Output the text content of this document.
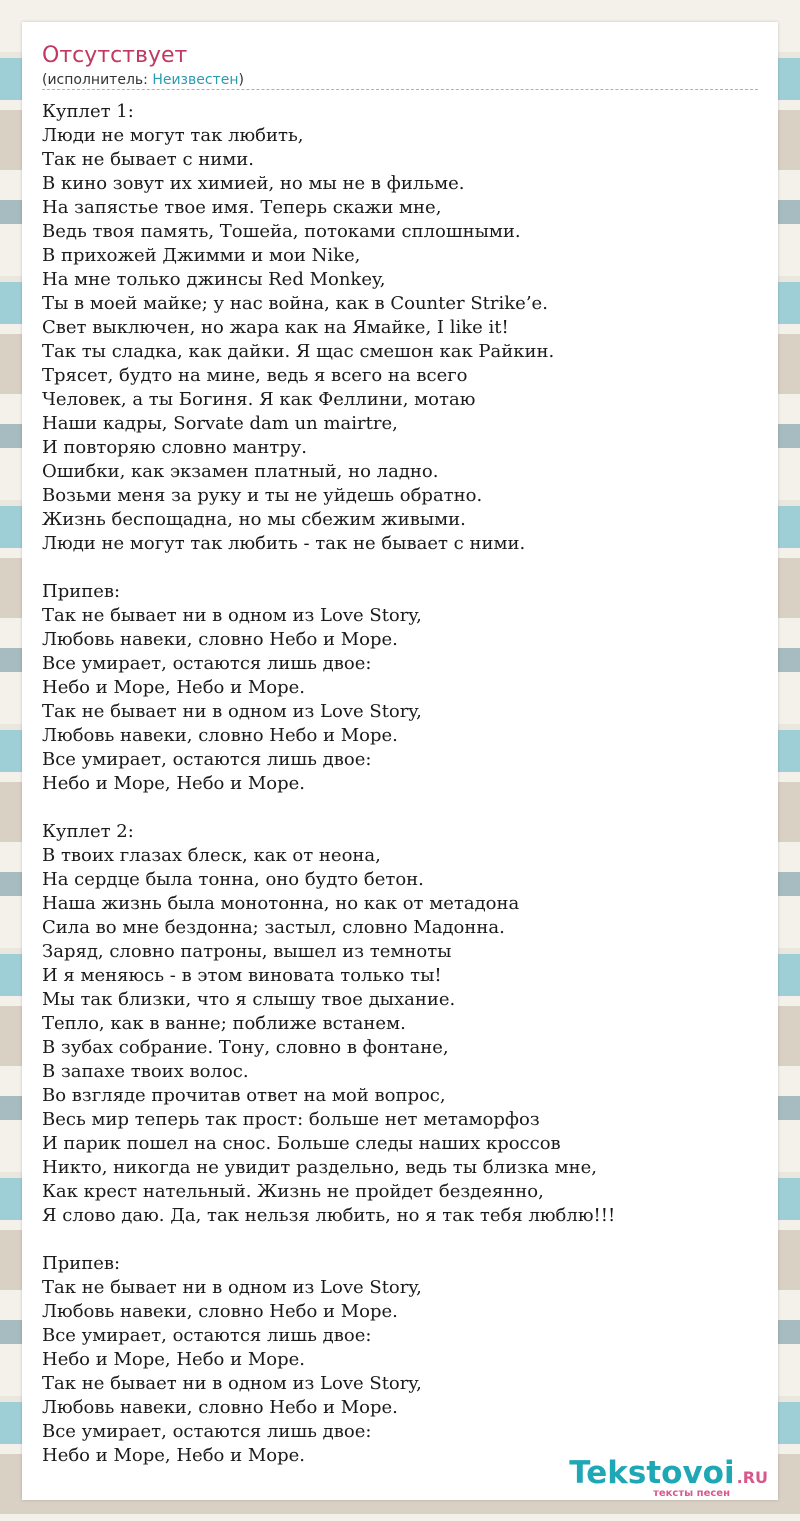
Отсутствует
(исполнитель: Неизвестен)
Куплет 1:
Люди не могут так любить,
Так не бывает с ними.
В кино зовут их химией, но мы не в фильме.
На запястье твое имя. Теперь скажи мне,
Ведь твоя память, Тошейа, потоками сплошными.
В прихожей Джимми и мои Nike,
На мне только джинсы Red Monkey,
Ты в моей майке; у нас война, как в Counter Strike’e.
Свет выключен, но жара как на Ямайке, I like it!
Так ты сладка, как дайки. Я щас смешон как Райкин.
Трясет, будто на мине, ведь я всего на всего
Человек, а ты Богиня. Я как Феллини, мотаю
Наши кадры, Sorvate dam un mairtre,
И повторяю словно мантру.
Ошибки, как экзамен платный, но ладно.
Возьми меня за руку и ты не уйдешь обратно.
Жизнь беспощадна, но мы сбежим живыми.
Люди не могут так любить - так не бывает с ними.

Припев:
Так не бывает ни в одном из Love Story,
Любовь навеки, словно Небо и Море.
Все умирает, остаются лишь двое:
Небо и Море, Небо и Море.
Так не бывает ни в одном из Love Story,
Любовь навеки, словно Небо и Море.
Все умирает, остаются лишь двое:
Небо и Море, Небо и Море.

Куплет 2:
В твоих глазах блеск, как от неона,
На сердце была тонна, оно будто бетон.
Наша жизнь была монотонна, но как от метадона
Сила во мне бездонна; застыл, словно Мадонна.
Заряд, словно патроны, вышел из темноты
И я меняюсь - в этом виновата только ты!
Мы так близки, что я слышу твое дыхание.
Тепло, как в ванне; поближе встанем.
В зубах собрание. Тону, словно в фонтане,
В запахе твоих волос.
Во взгляде прочитав ответ на мой вопрос,
Весь мир теперь так прост: больше нет метаморфоз
И парик пошел на снос. Больше следы наших кроссов
Никто, никогда не увидит раздельно, ведь ты близка мне,
Как крест нательный. Жизнь не пройдет бездеянно,
Я слово даю. Да, так нельзя любить, но я так тебя люблю!!!

Припев:
Так не бывает ни в одном из Love Story,
Любовь навеки, словно Небо и Море.
Все умирает, остаются лишь двое:
Небо и Море, Небо и Море.
Так не бывает ни в одном из Love Story,
Любовь навеки, словно Небо и Море.
Все умирает, остаются лишь двое:
Небо и Море, Небо и Море.	Tekstovoi .RU
тексты песен
